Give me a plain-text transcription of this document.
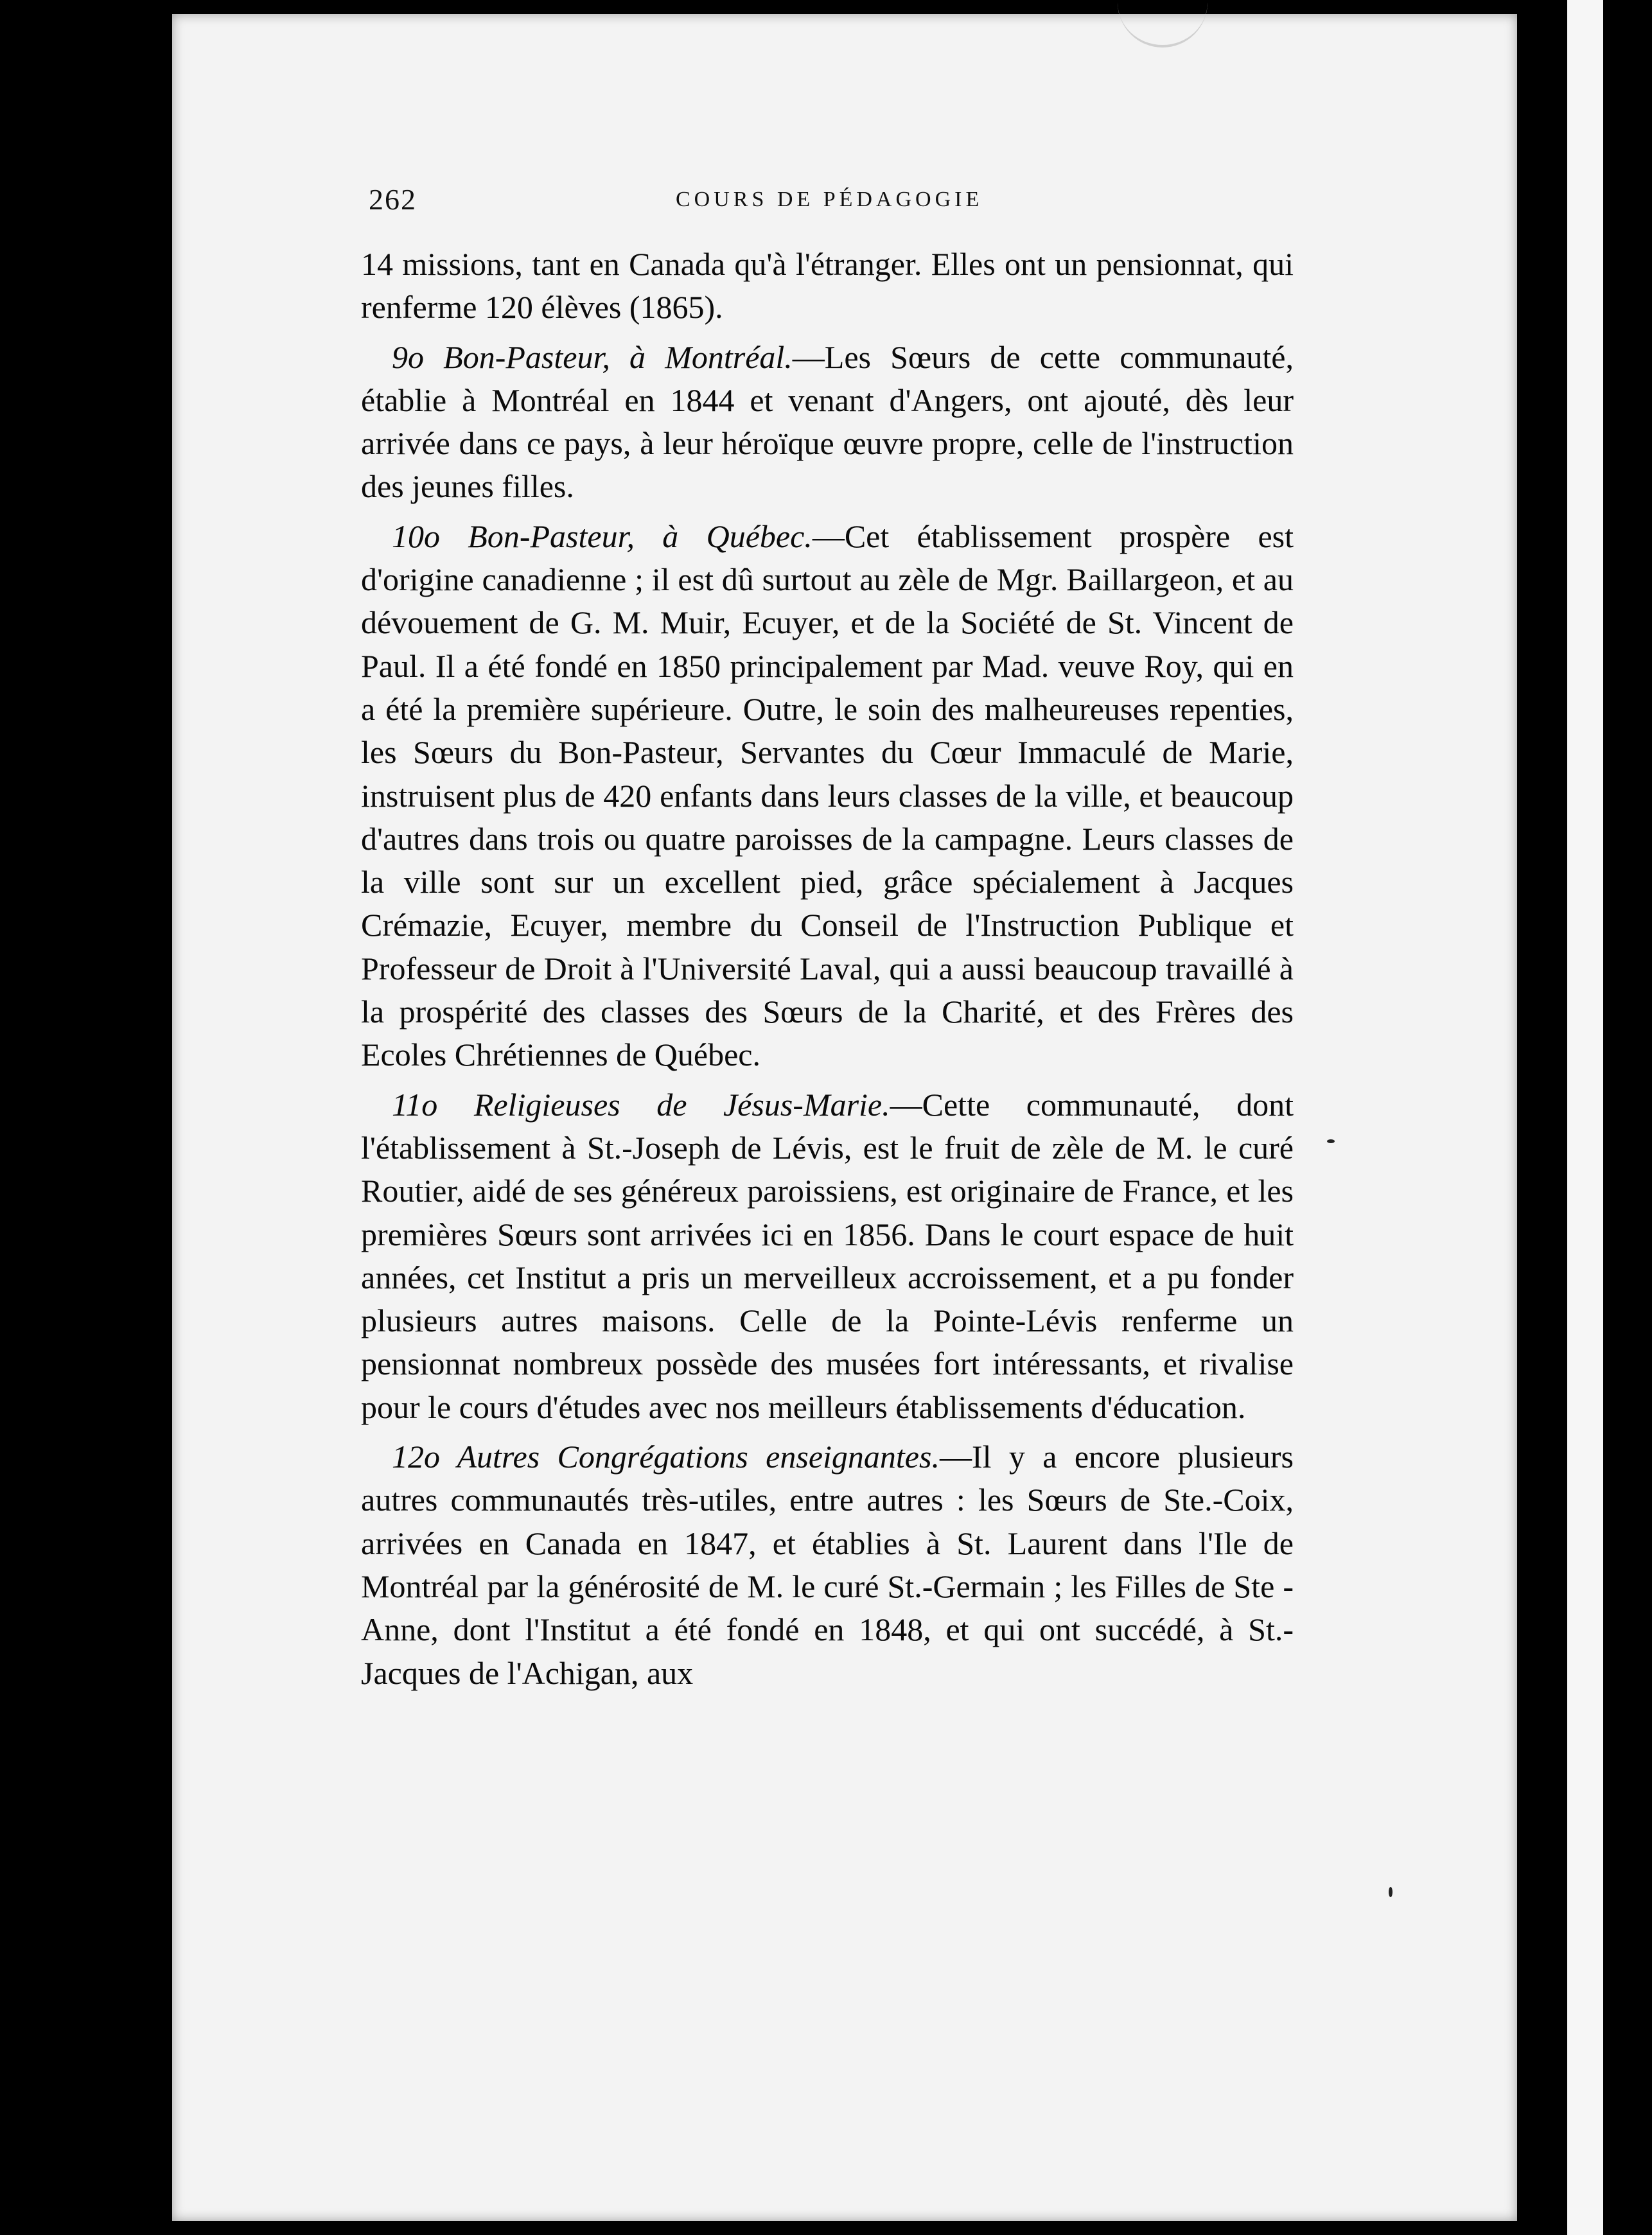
262	COURS DE PÉDAGOGIE

14 missions, tant en Canada qu'à l'étranger. Elles ont un pensionnat, qui renferme 120 élèves (1865).

9o Bon-Pasteur, à Montréal.—Les Sœurs de cette communauté, établie à Montréal en 1844 et venant d'Angers, ont ajouté, dès leur arrivée dans ce pays, à leur héroïque œuvre propre, celle de l'instruction des jeunes filles.

10o Bon-Pasteur, à Québec.—Cet établissement prospère est d'origine canadienne ; il est dû surtout au zèle de Mgr. Baillargeon, et au dévouement de G. M. Muir, Ecuyer, et de la Société de St. Vincent de Paul. Il a été fondé en 1850 principalement par Mad. veuve Roy, qui en a été la première supérieure. Outre, le soin des malheureuses repenties, les Sœurs du Bon-Pasteur, Servantes du Cœur Immaculé de Marie, instruisent plus de 420 enfants dans leurs classes de la ville, et beaucoup d'autres dans trois ou quatre paroisses de la campagne. Leurs classes de la ville sont sur un excellent pied, grâce spécialement à Jacques Crémazie, Ecuyer, membre du Conseil de l'Instruction Publique et Professeur de Droit à l'Université Laval, qui a aussi beaucoup travaillé à la prospérité des classes des Sœurs de la Charité, et des Frères des Ecoles Chrétiennes de Québec.

11o Religieuses de Jésus-Marie.—Cette communauté, dont l'établissement à St.-Joseph de Lévis, est le fruit de zèle de M. le curé Routier, aidé de ses généreux paroissiens, est originaire de France, et les premières Sœurs sont arrivées ici en 1856. Dans le court espace de huit années, cet Institut a pris un merveilleux accroissement, et a pu fonder plusieurs autres maisons. Celle de la Pointe-Lévis renferme un pensionnat nombreux possède des musées fort intéressants, et rivalise pour le cours d'études avec nos meilleurs établissements d'éducation.

12o Autres Congrégations enseignantes.—Il y a encore plusieurs autres communautés très-utiles, entre autres : les Sœurs de Ste.-Coix, arrivées en Canada en 1847, et établies à St. Laurent dans l'Ile de Montréal par la générosité de M. le curé St.-Germain ; les Filles de Ste -Anne, dont l'Institut a été fondé en 1848, et qui ont succédé, à St.-Jacques de l'Achigan, aux
